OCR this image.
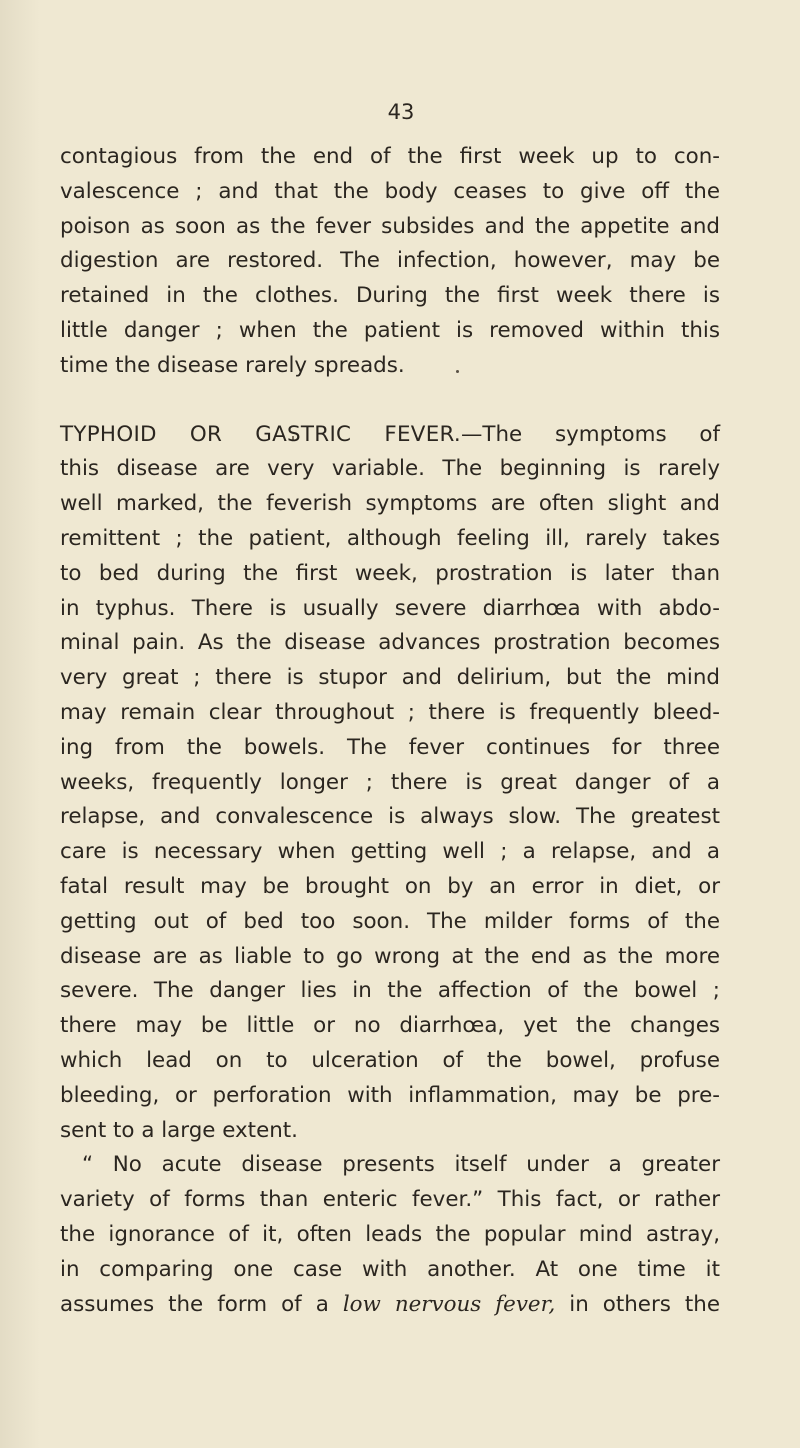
43
contagious from the end of the first week up to con-
valescence ; and that the body ceases to give off the
poison as soon as the fever subsides and the appetite and
digestion are restored. The infection, however, may be
retained in the clothes. During the first week there is
little danger ; when the patient is removed within this
time the disease rarely spreads.
TYPHOID OR GASTRIC FEVER.—The symptoms of
this disease are very variable. The beginning is rarely
well marked, the feverish symptoms are often slight and
remittent ; the patient, although feeling ill, rarely takes
to bed during the first week, prostration is later than
in typhus. There is usually severe diarrhœa with abdo-
minal pain. As the disease advances prostration becomes
very great ; there is stupor and delirium, but the mind
may remain clear throughout ; there is frequently bleed-
ing from the bowels. The fever continues for three
weeks, frequently longer ; there is great danger of a
relapse, and convalescence is always slow. The greatest
care is necessary when getting well ; a relapse, and a
fatal result may be brought on by an error in diet, or
getting out of bed too soon. The milder forms of the
disease are as liable to go wrong at the end as the more
severe. The danger lies in the affection of the bowel ;
there may be little or no diarrhœa, yet the changes
which lead on to ulceration of the bowel, profuse
bleeding, or perforation with inflammation, may be pre-
sent to a large extent.
“ No acute disease presents itself under a greater
variety of forms than enteric fever.” This fact, or rather
the ignorance of it, often leads the popular mind astray,
in comparing one case with another. At one time it
assumes the form of a low nervous fever, in others the
